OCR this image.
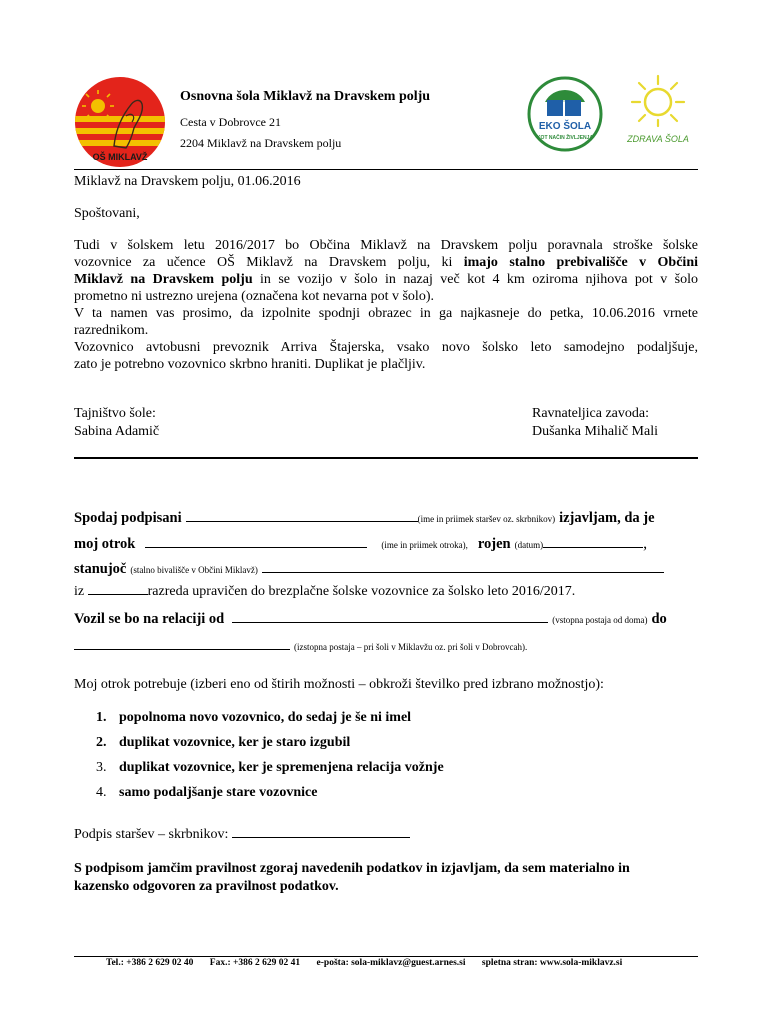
OŠ MIKLAVŽ
Osnovna šola Miklavž na Dravskem polju
Cesta v Dobrovce 21
2204 Miklavž na Dravskem polju
EKO ŠOLA
KOT NAČIN ŽIVLJENJA	ZDRAVA ŠOLA
Miklavž na Dravskem polju, 01.06.2016
Spoštovani,
Tudi v šolskem letu 2016/2017 bo Občina Miklavž na Dravskem polju poravnala stroške šolske
vozovnice za učence OŠ Miklavž na Dravskem polju, ki imajo stalno prebivališče v Občini
Miklavž na Dravskem polju in se vozijo v šolo in nazaj več kot 4 km oziroma njihova pot v šolo
prometno ni ustrezno urejena (označena kot nevarna pot v šolo).
V ta namen vas prosimo, da izpolnite spodnji obrazec in ga najkasneje do petka, 10.06.2016 vrnete
razrednikom.
Vozovnico avtobusni prevoznik Arriva Štajerska, vsako novo šolsko leto samodejno podaljšuje,
zato je potrebno vozovnico skrbno hraniti. Duplikat je plačljiv.
Tajništvo šole:
Sabina Adamič
Ravnateljica zavoda:
Dušanka Mihalič Mali
Spodaj podpisani	(ime in priimek staršev oz. skrbnikov) izjavljam, da je
moj otrok	(ime in priimek otroka), rojen (datum)	,
stanujoč (stalno bivališče v Občini Miklavž)
iz	razreda upravičen do brezplačne šolske vozovnice za šolsko leto 2016/2017.
Vozil se bo na relaciji od	(vstopna postaja od doma) do
(izstopna postaja – pri šoli v Miklavžu oz. pri šoli v Dobrovcah).
Moj otrok potrebuje (izberi eno od štirih možnosti – obkroži številko pred izbrano možnostjo):
1. popolnoma novo vozovnico, do sedaj je še ni imel
2. duplikat vozovnice, ker je staro izgubil
3. duplikat vozovnice, ker je spremenjena relacija vožnje
4. samo podaljšanje stare vozovnice
Podpis staršev – skrbnikov:
S podpisom jamčim pravilnost zgoraj navedenih podatkov in izjavljam, da sem materialno in
kazensko odgovoren za pravilnost podatkov.
Tel.: +386 2 629 02 40 Fax.: +386 2 629 02 41 e-pošta: sola-miklavz@guest.arnes.si spletna stran: www.sola-miklavz.si
